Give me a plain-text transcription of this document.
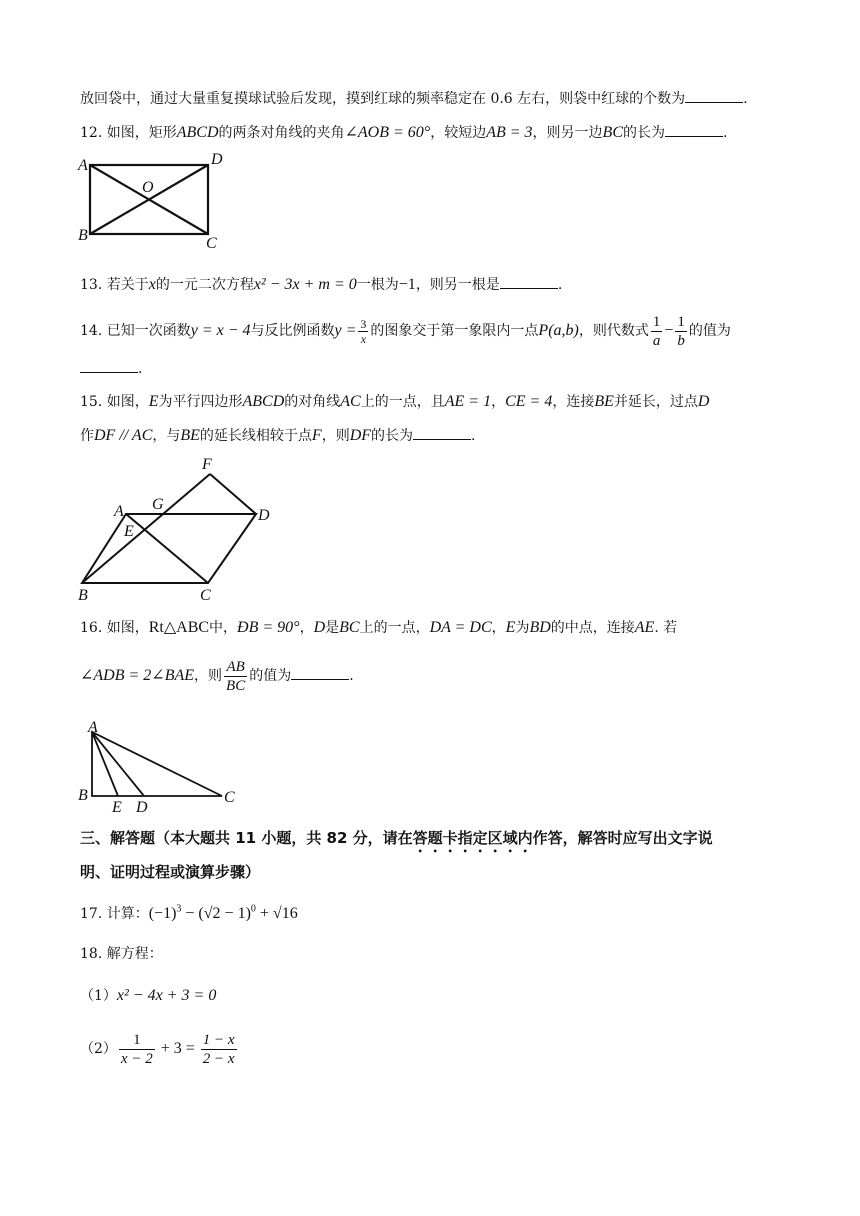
放回袋中，通过大量重复摸球试验后发现，摸到红球的频率稳定在 0.6 左右，则袋中红球的个数为	.
12. 如图，矩形ABCD的两条对角线的夹角∠AOB = 60°，较短边AB = 3，则另一边BC的长为	.
A	D
O
B	C
13. 若关于x的一元二次方程x² − 3x + m = 0一根为−1，则另一根是	.
14. 已知一次函数y = x − 4与反比例函数$y = \frac{3}{x}$ 的图象交于第一象限内一点P(a,b)，则代数式 $\frac{1}{a} - \frac{1}{b}$ 的值为
.
15. 如图，E为平行四边形ABCD的对角线AC上的一点，且AE = 1，CE = 4，连接BE并延长，过点D
作DF // AC，与BE的延长线相较于点F，则DF的长为	.
F
G
A	D
E
B	C
16. 如图，Rt△ABC中，ÐB = 90°，D是BC上的一点，DA = DC，E为BD的中点，连接AE. 若
∠ADB = 2∠BAE，则 $\frac{AB}{BC}$ 的值为	.
A
B
E D
C
三、解答题（本大题共 11 小题，共 82 分，请在答题卡指定区域内作答，解答时应写出文字说
明、证明过程或演算步骤）
17. 计算：$(-1)^3 - (√2 - 1)^0 + √16$
18. 解方程：
（1）x² − 4x + 3 = 0
$(2) \frac{1}{x - 2} + 3 = \frac{1 - x}{2 - x}$
